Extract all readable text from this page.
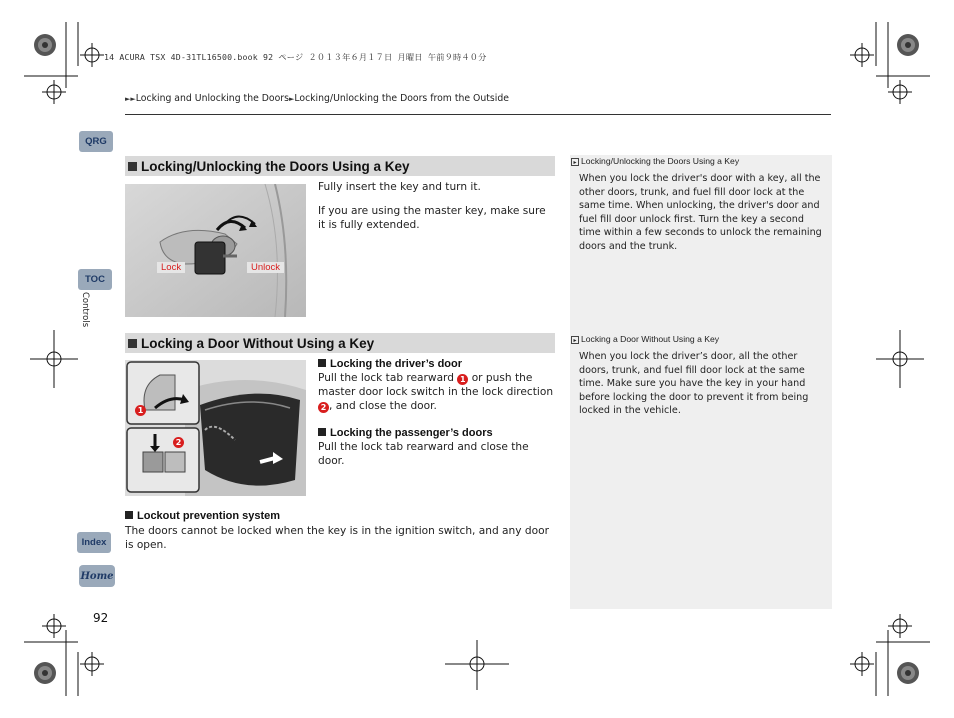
14 ACURA TSX 4D-31TL16500.book 92 ページ ２０１３年６月１７日 月曜日 午前９時４０分
►►Locking and Unlocking the Doors►Locking/Unlocking the Doors from the Outside
QRG
TOC
Index
Home
Controls
Locking/Unlocking the Doors Using a Key
Lock	Unlock
Fully insert the key and turn it.
If you are using the master key, make sure it is fully extended.
Locking a Door Without Using a Key
1
2
Locking the driver’s door
Pull the lock tab rearward 1 or push the master door lock switch in the lock direction 2 , and close the door.
Locking the passenger’s doors
Pull the lock tab rearward and close the door.
Lockout prevention system
The doors cannot be locked when the key is in the ignition switch, and any door is open.
▸ Locking/Unlocking the Doors Using a Key
When you lock the driver's door with a key, all the other doors, trunk, and fuel fill door lock at the same time. When unlocking, the driver's door and fuel fill door unlock first. Turn the key a second time within a few seconds to unlock the remaining doors and the trunk.
▸ Locking a Door Without Using a Key
When you lock the driver’s door, all the other doors, trunk, and fuel fill door lock at the same time. Make sure you have the key in your hand before locking the door to prevent it from being locked in the vehicle.
92
